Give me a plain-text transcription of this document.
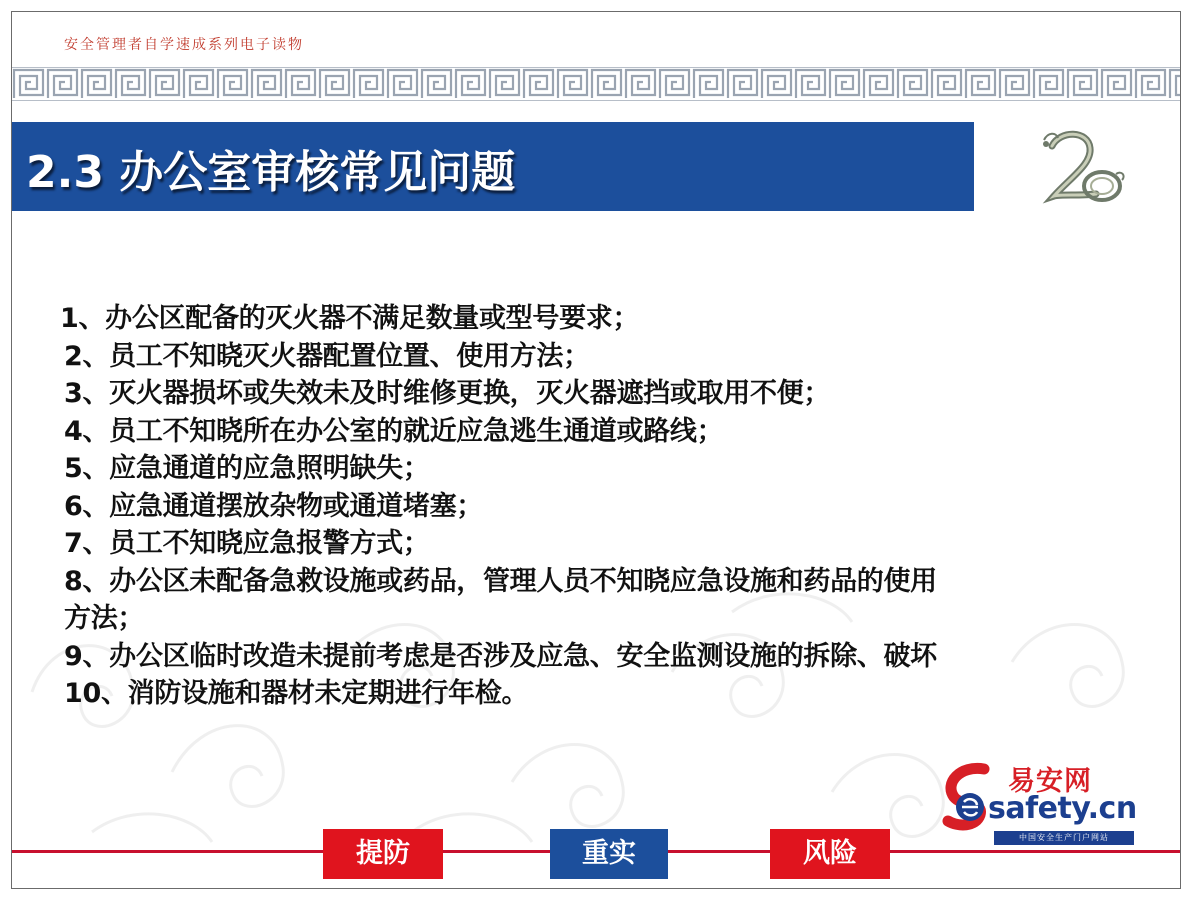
安全管理者自学速成系列电子读物
2.3 办公室审核常见问题
1、办公区配备的灭火器不满足数量或型号要求；
2、员工不知晓灭火器配置位置、使用方法；
3、灭火器损坏或失效未及时维修更换，灭火器遮挡或取用不便；
4、员工不知晓所在办公室的就近应急逃生通道或路线；
5、应急通道的应急照明缺失；
6、应急通道摆放杂物或通道堵塞；
7、员工不知晓应急报警方式；
8、办公区未配备急救设施或药品，管理人员不知晓应急设施和药品的使用
方法；
9、办公区临时改造未提前考虑是否涉及应急、安全监测设施的拆除、破坏
10、消防设施和器材未定期进行年检。
易安网
safety.cn
中国安全生产门户网站
提防	重实	风险
